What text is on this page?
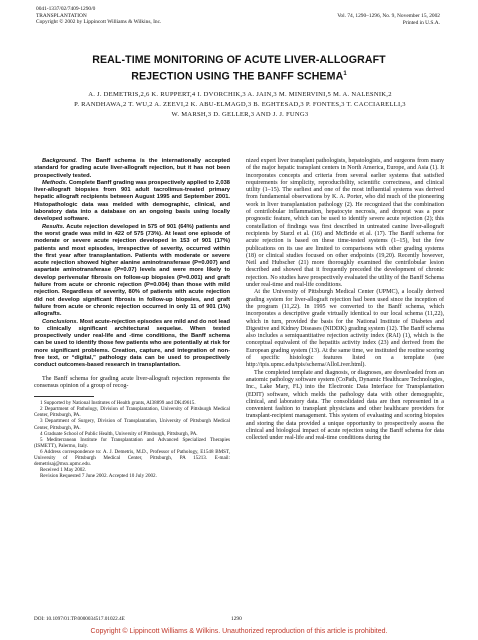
0041-1337/02/7409-1290/0
TRANSPLANTATION
Copyright © 2002 by Lippincott Williams & Wilkins, Inc.
Vol. 74, 1290–1296, No. 9, November 15, 2002
Printed in U.S.A.
REAL-TIME MONITORING OF ACUTE LIVER-ALLOGRAFT
REJECTION USING THE BANFF SCHEMA$^1$
A. J. DEMETRIS,2,6 K. RUPPERT,4 I. DVORCHIK,3 A. JAIN,3 M. MINERVINI,5 M. A. NALESNIK,2
P. RANDHAWA,2 T. WU,2 A. ZEEVI,2 K. ABU-ELMAGD,3 B. EGHTESAD,3 P. FONTES,3 T. CACCIARELLI,3
W. MARSH,3 D. GELLER,3 AND J. J. FUNG3

Background. The Banff schema is the internationally accepted standard for grading acute liver-allograft rejection, but it has not been prospectively tested.

Methods. Complete Banff grading was prospectively applied to 2,038 liver-allograft biopsies from 901 adult tacrolimus-treated primary hepatic allograft recipients between August 1995 and September 2001. Histopathologic data was melded with demographic, clinical, and laboratory data into a database on an ongoing basis using locally developed software.

Results. Acute rejection developed in 575 of 901 (64%) patients and the worst grade was mild in 422 of 575 (73%). At least one episode of moderate or severe acute rejection developed in 153 of 901 (17%) patients and most episodes, irrespective of severity, occurred within the first year after transplantation. Patients with moderate or severe acute rejection showed higher alanine aminotransferase (P=0.007) and aspartate aminotransferase (P=0.07) levels and were more likely to develop perivenular fibrosis on follow-up biopsies (P=0.001) and graft failure from acute or chronic rejection (P=0.004) than those with mild rejection. Regardless of severity, 80% of patients with acute rejection did not develop significant fibrosis in follow-up biopsies, and graft failure from acute or chronic rejection occurred in only 11 of 901 (1%) allografts.

Conclusions. Most acute-rejection episodes are mild and do not lead to clinically significant architectural sequelae. When tested prospectively under real-life and -time conditions, the Banff schema can be used to identify those few patients who are potentially at risk for more significant problems. Creation, capture, and integration of non-free text, or “digital,” pathology data can be used to prospectively conduct outcomes-based research in transplantation.

The Banff schema for grading acute liver-allograft rejection represents the consensus opinion of a group of recog-

1 Supported by National Institutes of Health grants, AI38899 and DK49615.

2 Department of Pathology, Division of Transplantation, University of Pittsburgh Medical Center, Pittsburgh, PA.

3 Department of Surgery, Division of Transplantation, University of Pittsburgh Medical Center, Pittsburgh, PA.

4 Graduate School of Public Health, University of Pittsburgh, Pittsburgh, PA.

5 Mediterranean Institute for Transplantation and Advanced Specialized Therapies (ISMETT), Palermo, Italy.

6 Address correspondence to: A. J. Demetris, M.D., Professor of Pathology, E1548 BMST, University of Pittsburgh Medical Center, Pittsburgh, PA 15213. E-mail: demetrisaj@msx.upmc.edu.

Received 1 May 2002.

Revision Requested 7 June 2002. Accepted 10 July 2002.

nized expert liver transplant pathologists, hepatologists, and surgeons from many of the major hepatic transplant centers in North America, Europe, and Asia (1). It incorporates concepts and criteria from several earlier systems that satisfied requirements for simplicity, reproducibility, scientific correctness, and clinical utility (1–15). The earliest and one of the most influential systems was derived from fundamental observations by K. A. Porter, who did much of the pioneering work in liver transplantation pathology (2). He recognized that the combination of centrilobular inflammation, hepatocyte necrosis, and dropout was a poor prognostic feature, which can be used to identify severe acute rejection (2); this constellation of findings was first described in untreated canine liver-allograft recipients by Starzl et al. (16) and McBride et al. (17). The Banff schema for acute rejection is based on these time-tested systems (1–15), but the few publications on its use are limited to comparisons with other grading systems (18) or clinical studies focused on other endpoints (19,20). Recently however, Neil and Hubscher (21) more thoroughly examined the centrilobular lesion described and showed that it frequently preceded the development of chronic rejection. No studies have prospectively evaluated the utility of the Banff Schema under real-time and real-life conditions.

At the University of Pittsburgh Medical Center (UPMC), a locally derived grading system for liver-allograft rejection had been used since the inception of the program (11,22). In 1995 we converted to the Banff schema, which incorporates a descriptive grade virtually identical to our local schema (11,22), which in turn, provided the basis for the National Institute of Diabetes and Digestive and Kidney Diseases (NIDDK) grading system (12). The Banff schema also includes a semiquantitative rejection activity index (RAI) (1), which is the conceptual equivalent of the hepatitis activity index (23) and derived from the European grading system (13). At the same time, we instituted the routine scoring of specific histologic features listed on a template (see http://tpis.upmc.edu/tpis/schema/AlloLiver.html).

The completed template and diagnosis, or diagnoses, are downloaded from an anatomic pathology software system (CoPath, Dynamic Healthcare Technologies, Inc., Lake Mary, FL) into the Electronic Data Interface for Transplantation (EDIT) software, which melds the pathology data with other demographic, clinical, and laboratory data. The consolidated data are then represented in a convenient fashion to transplant physicians and other healthcare providers for transplant-recipient management. This system of evaluating and scoring biopsies and storing the data provided a unique opportunity to prospectively assess the clinical and biological impact of acute rejection using the Banff schema for data collected under real-life and real-time conditions during the

DOI: 10.1097/01.TP.0000034517.01022.4E	1290
Copyright © Lippincott Williams & Wilkins. Unauthorized reproduction of this article is prohibited.
